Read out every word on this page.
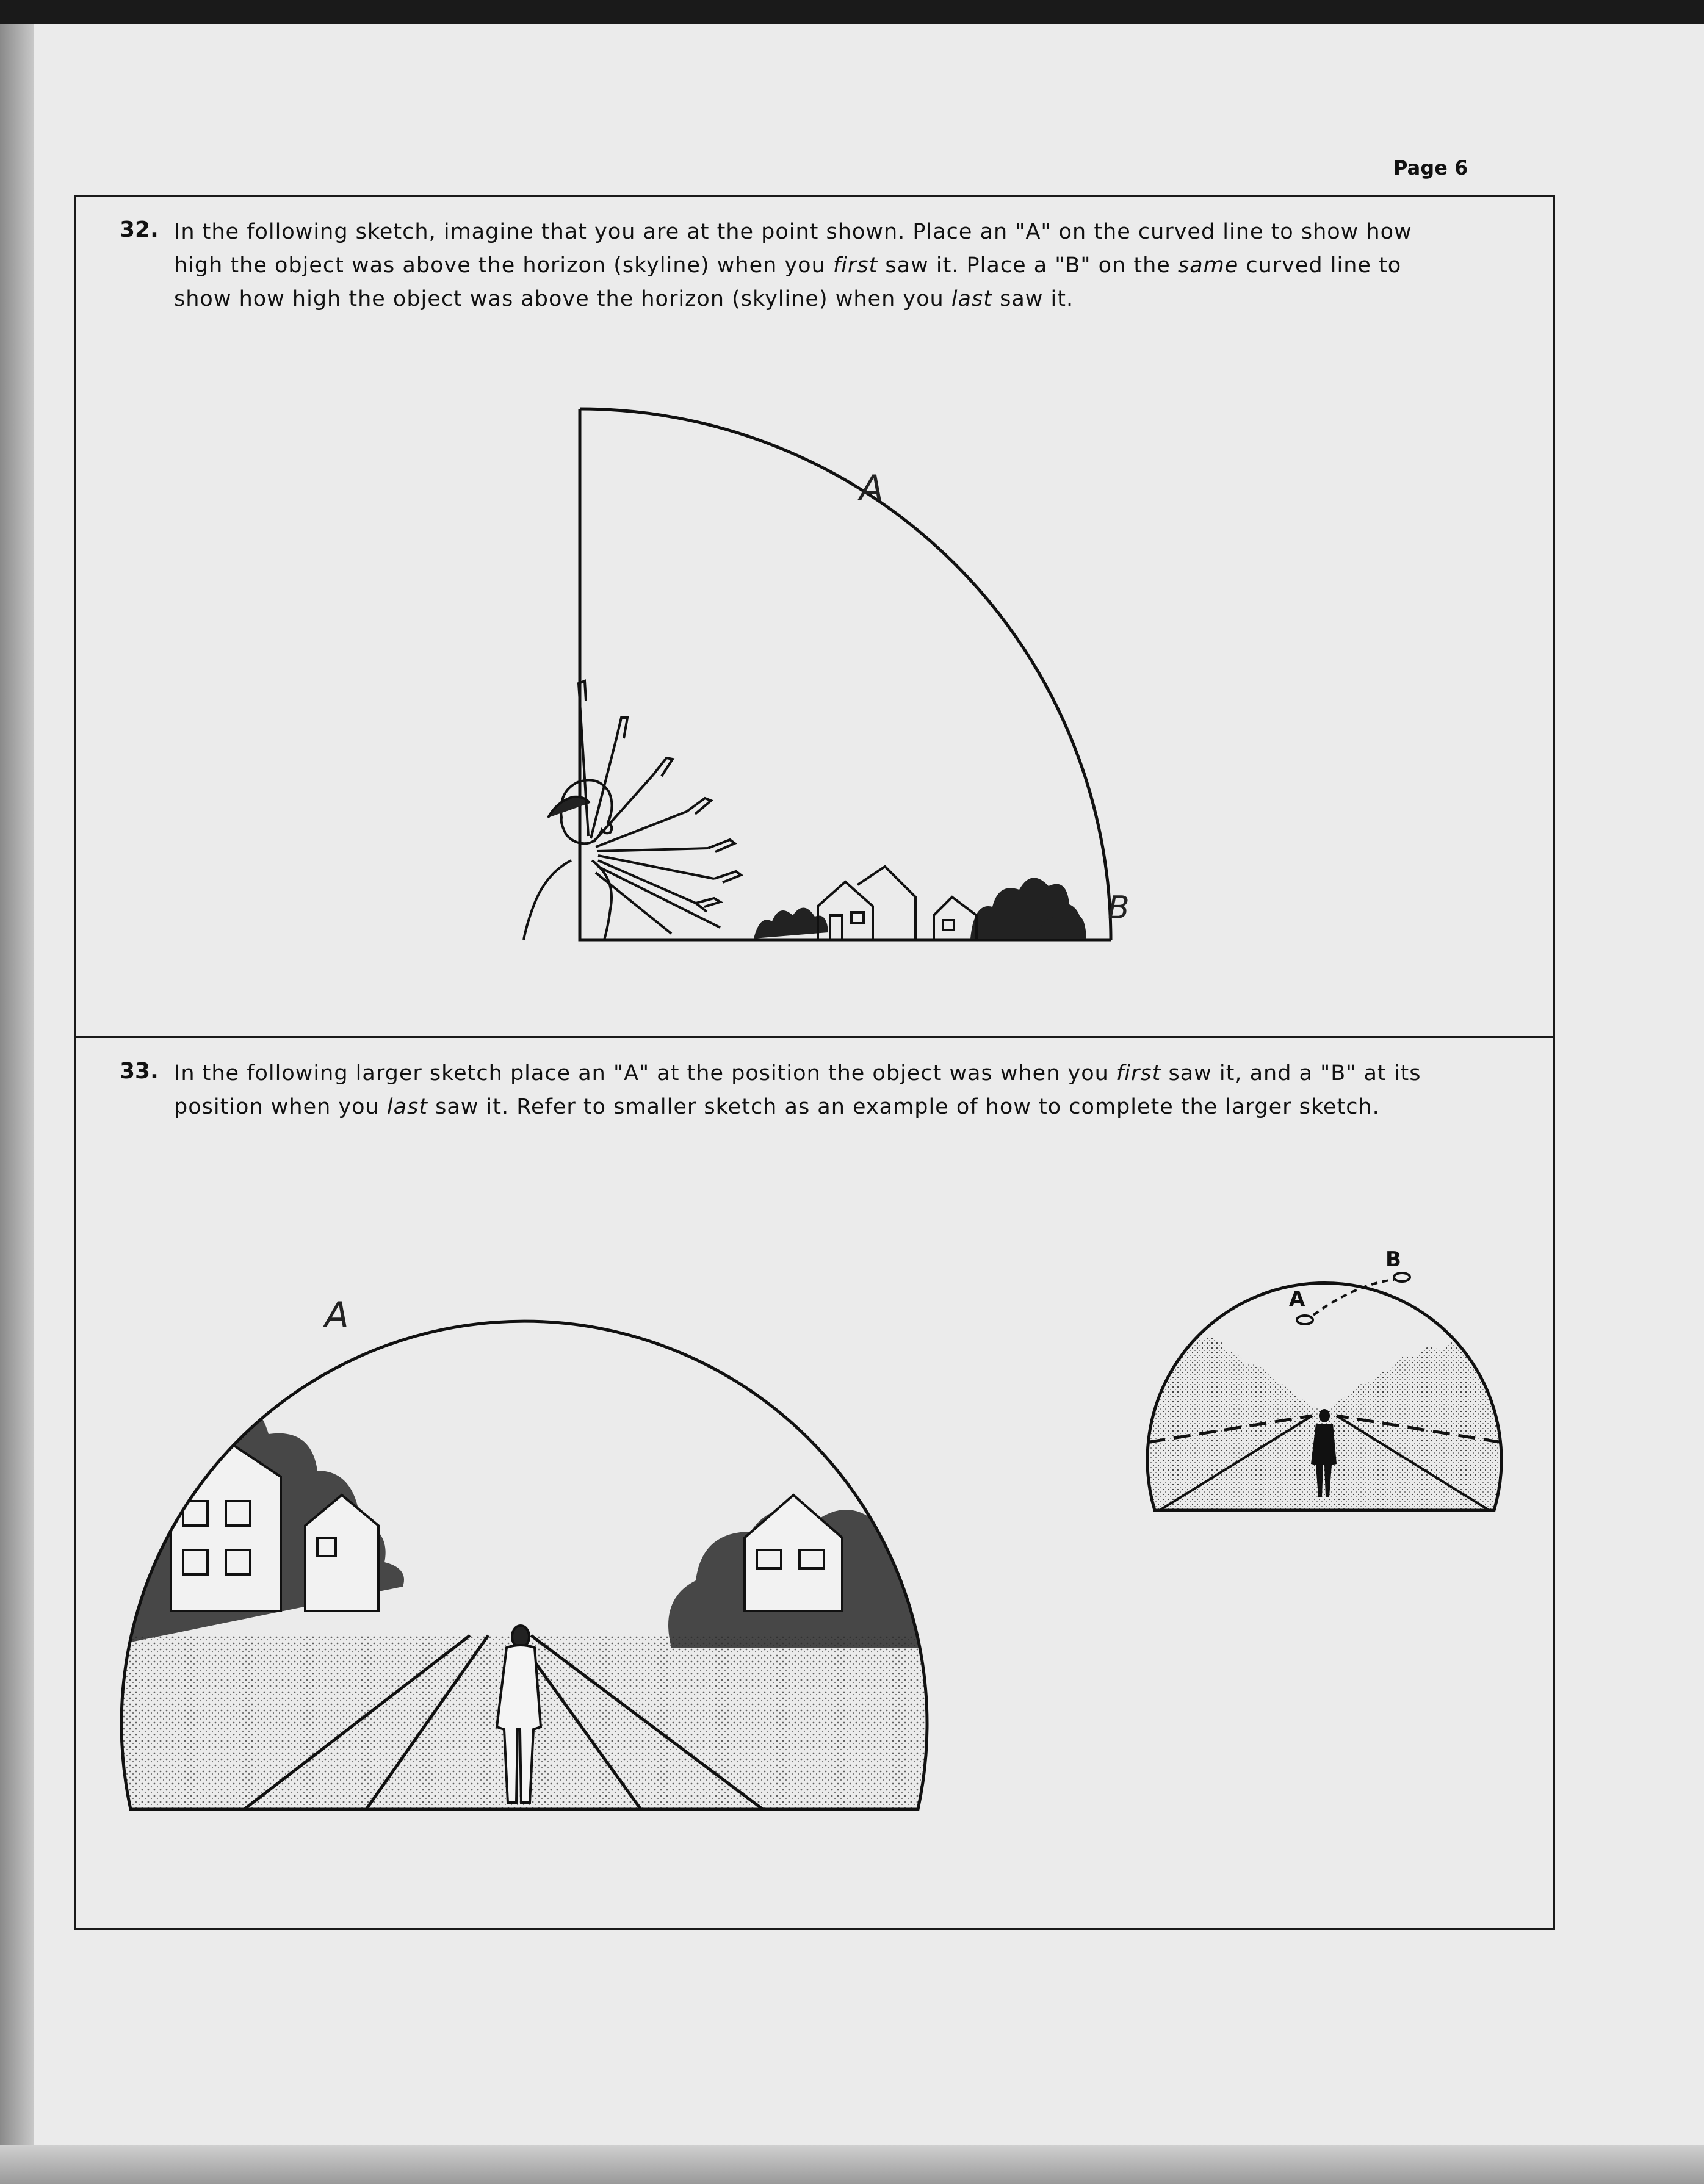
Page 6
32. In the following sketch, imagine that you are at the point shown. Place an "A" on the curved line to show how
high the object was above the horizon (skyline) when you first saw it. Place a "B" on the same curved line to
show how high the object was above the horizon (skyline) when you last saw it.
A
B
33. In the following larger sketch place an "A" at the position the object was when you first saw it, and a "B" at its
position when you last saw it. Refer to smaller sketch as an example of how to complete the larger sketch.
A	A
B
